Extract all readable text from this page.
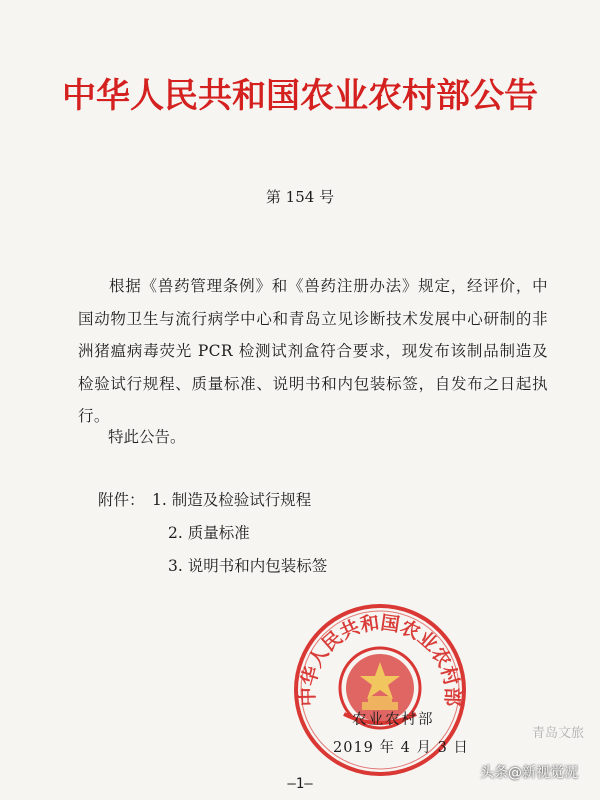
中华人民共和国农业农村部公告
第 154 号
根据《兽药管理条例》和《兽药注册办法》规定，经评价，中国动物卫生与流行病学中心和青岛立见诊断技术发展中心研制的非洲猪瘟病毒荧光 PCR 检测试剂盒符合要求，现发布该制品制造及检验试行规程、质量标准、说明书和内包装标签，自发布之日起执行。
特此公告。
附件： 1. 制造及检验试行规程
2. 质量标准
3. 说明书和内包装标签
中华人民共和国农业农村部
农业农村部
2019 年 4 月 3 日
—1—
青岛文旅
头条@新视觉况
